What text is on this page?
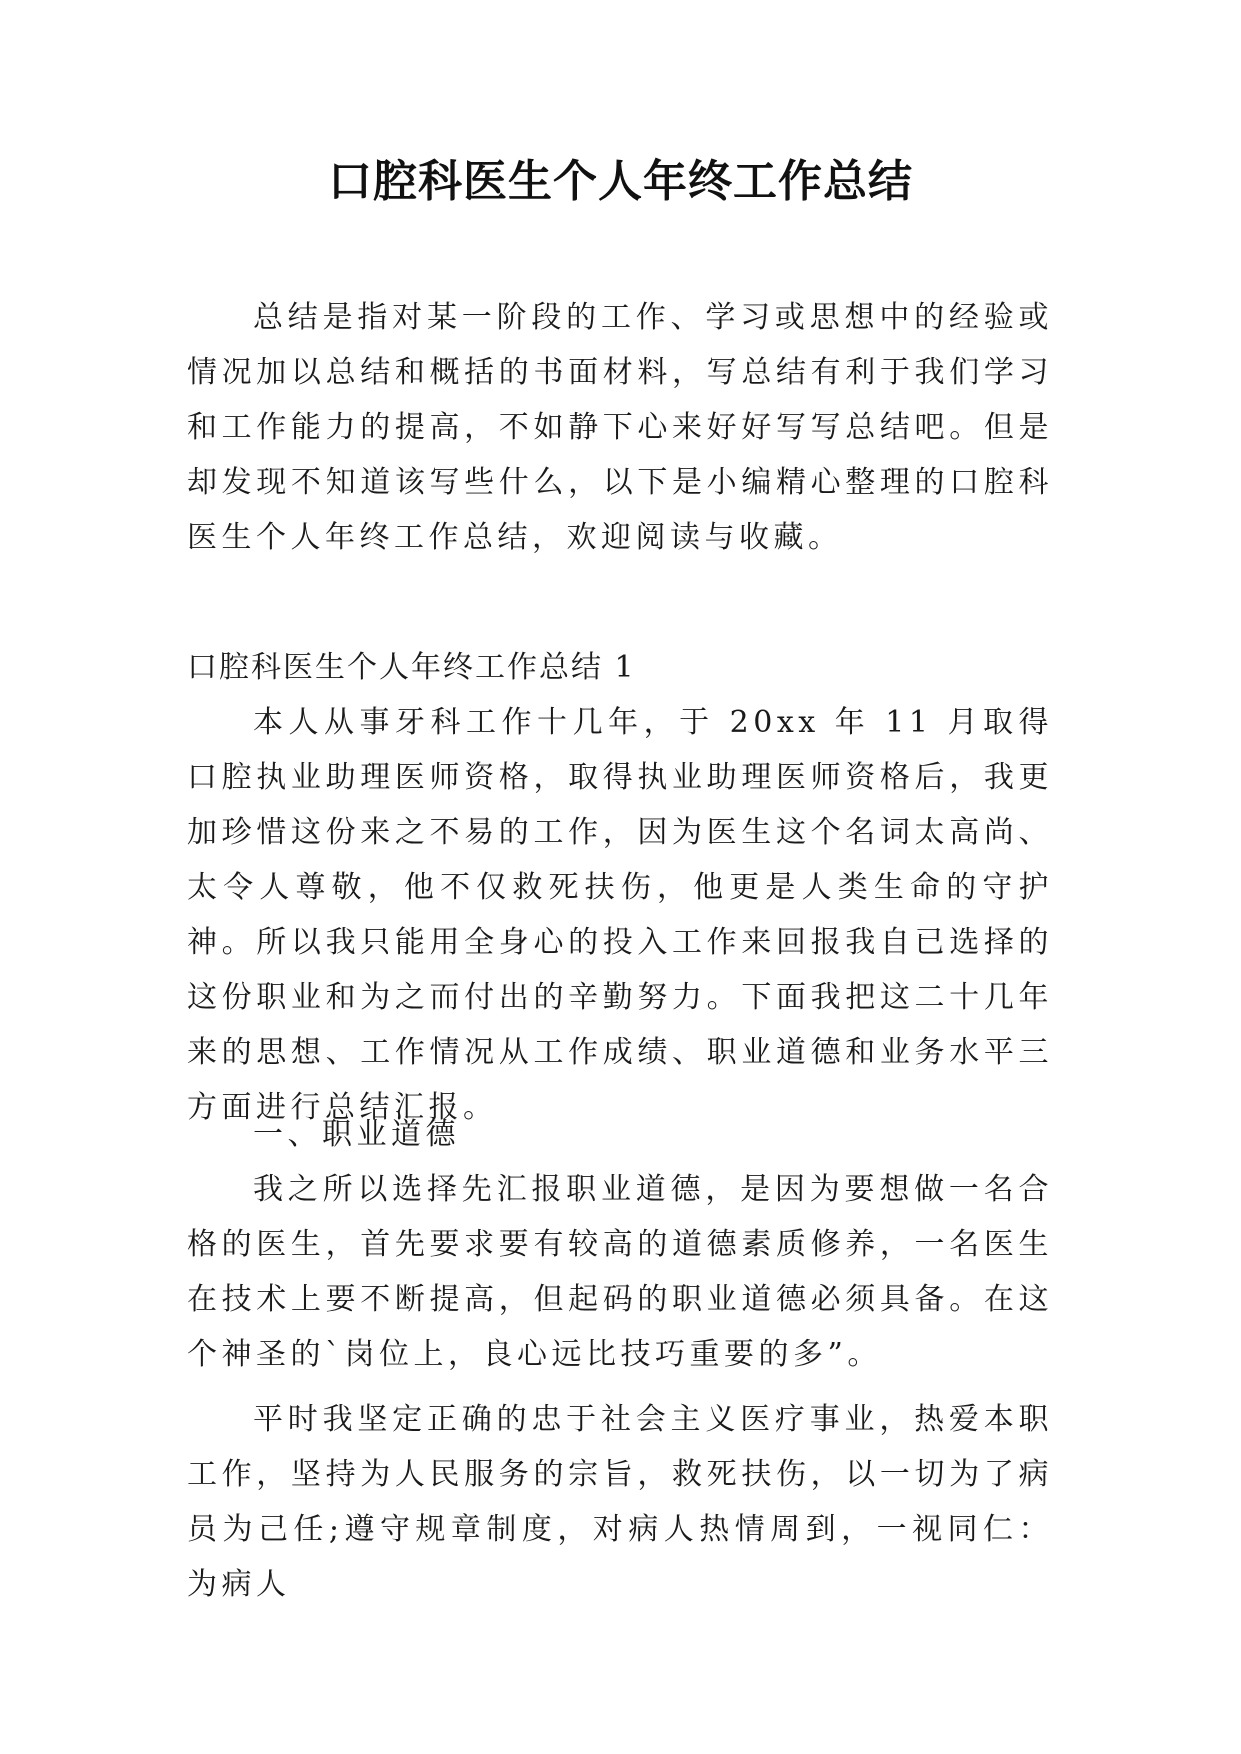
口腔科医生个人年终工作总结

总结是指对某一阶段的工作、学习或思想中的经验或情况加以总结和概括的书面材料，写总结有利于我们学习和工作能力的提高，不如静下心来好好写写总结吧。但是却发现不知道该写些什么，以下是小编精心整理的口腔科医生个人年终工作总结，欢迎阅读与收藏。

口腔科医生个人年终工作总结 1

本人从事牙科工作十几年，于 20xx 年 11 月取得口腔执业助理医师资格，取得执业助理医师资格后，我更加珍惜这份来之不易的工作，因为医生这个名词太高尚、太令人尊敬，他不仅救死扶伤，他更是人类生命的守护神。所以我只能用全身心的投入工作来回报我自已选择的这份职业和为之而付出的辛勤努力。下面我把这二十几年来的思想、工作情况从工作成绩、职业道德和业务水平三方面进行总结汇报。

一、职业道德

我之所以选择先汇报职业道德，是因为要想做一名合格的医生，首先要求要有较高的道德素质修养，一名医生在技术上要不断提高，但起码的职业道德必须具备。在这个神圣的`岗位上，良心远比技巧重要的多”。

平时我坚定正确的忠于社会主义医疗事业，热爱本职工作，坚持为人民服务的宗旨，救死扶伤，以一切为了病员为己任;遵守规章制度，对病人热情周到，一视同仁：为病人
